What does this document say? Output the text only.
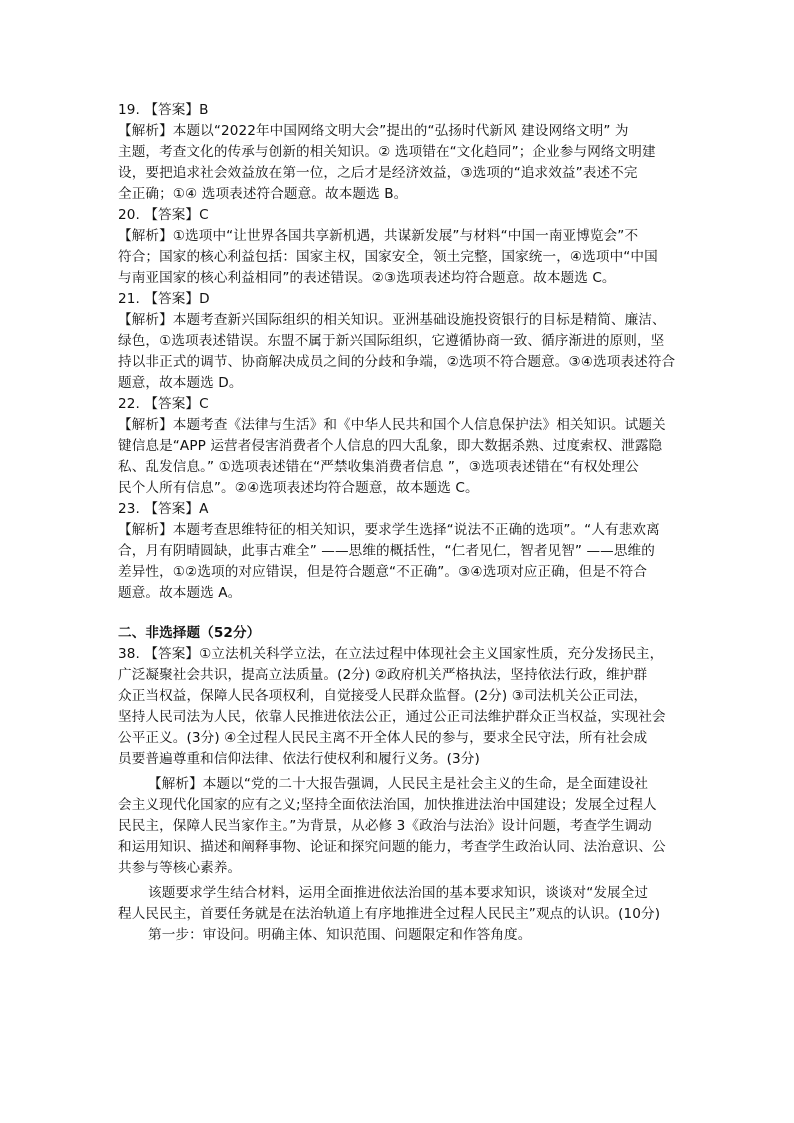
19. 【答案】B
【解析】本题以“2022年中国网络文明大会”提出的“弘扬时代新风 建设网络文明” 为
主题，考查文化的传承与创新的相关知识。② 选项错在“文化趋同”；企业参与网络文明建
设，要把追求社会效益放在第一位，之后才是经济效益，③选项的“追求效益”表述不完
全正确；①④ 选项表述符合题意。故本题选 B。
20. 【答案】C
【解析】①选项中“让世界各国共享新机遇，共谋新发展”与材料“中国一南亚博览会”不
符合；国家的核心利益包括：国家主权，国家安全，领土完整，国家统一，④选项中“中国
与南亚国家的核心利益相同”的表述错误。②③选项表述均符合题意。故本题选 C。
21. 【答案】D
【解析】本题考查新兴国际组织的相关知识。亚洲基础设施投资银行的目标是精简、廉洁、
绿色，①选项表述错误。东盟不属于新兴国际组织，它遵循协商一致、循序渐进的原则，坚
持以非正式的调节、协商解决成员之间的分歧和争端，②选项不符合题意。③④选项表述符合
题意，故本题选 D。
22. 【答案】C
【解析】本题考查《法律与生活》和《中华人民共和国个人信息保护法》相关知识。试题关
键信息是“APP 运营者侵害消费者个人信息的四大乱象，即大数据杀熟、过度索权、泄露隐
私、乱发信息。” ①选项表述错在“严禁收集消费者信息 ”，③选项表述错在“有权处理公
民个人所有信息”。②④选项表述均符合题意，故本题选 C。
23. 【答案】A
【解析】本题考查思维特征的相关知识，要求学生选择“说法不正确的选项”。“人有悲欢离
合，月有阴晴圆缺，此事古难全” ——思维的概括性，“仁者见仁，智者见智” ——思维的
差异性，①②选项的对应错误，但是符合题意“不正确”。③④选项对应正确，但是不符合
题意。故本题选 A。
二、非选择题（52分）
38. 【答案】①立法机关科学立法，在立法过程中体现社会主义国家性质，充分发扬民主，
广泛凝聚社会共识，提高立法质量。(2分) ②政府机关严格执法，坚持依法行政，维护群
众正当权益，保障人民各项权利，自觉接受人民群众监督。(2分) ③司法机关公正司法，
坚持人民司法为人民，依靠人民推进依法公正，通过公正司法维护群众正当权益，实现社会
公平正义。(3分) ④全过程人民民主离不开全体人民的参与，要求全民守法，所有社会成
员要普遍尊重和信仰法律、依法行使权利和履行义务。(3分)
【解析】本题以“党的二十大报告强调，人民民主是社会主义的生命，是全面建设社
会主义现代化国家的应有之义;坚持全面依法治国，加快推进法治中国建设；发展全过程人
民民主，保障人民当家作主。”为背景，从必修 3《政治与法治》设计问题，考查学生调动
和运用知识、描述和阐释事物、论证和探究问题的能力，考查学生政治认同、法治意识、公
共参与等核心素养。
该题要求学生结合材料，运用全面推进依法治国的基本要求知识，谈谈对“发展全过
程人民民主，首要任务就是在法治轨道上有序地推进全过程人民民主”观点的认识。(10分)
第一步：审设问。明确主体、知识范围、问题限定和作答角度。
